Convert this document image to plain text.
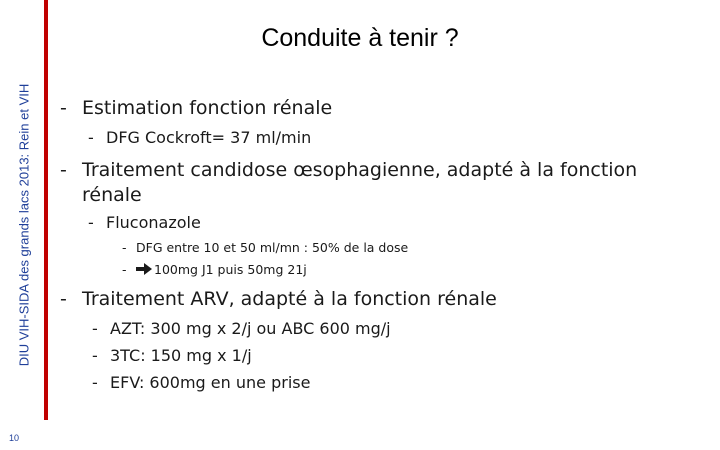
DIU VIH-SIDA des grands lacs 2013: Rein et VIH
10
Conduite à tenir ?
- Estimation fonction rénale
- DFG Cockroft= 37 ml/min
- Traitement candidose œsophagienne, adapté à la fonction
rénale
- Fluconazole
- DFG entre 10 et 50 ml/mn : 50% de la dose
- 100mg J1 puis 50mg 21j
- Traitement ARV, adapté à la fonction rénale
- AZT: 300 mg x 2/j ou ABC 600 mg/j
- 3TC: 150 mg x 1/j
- EFV: 600mg en une prise
